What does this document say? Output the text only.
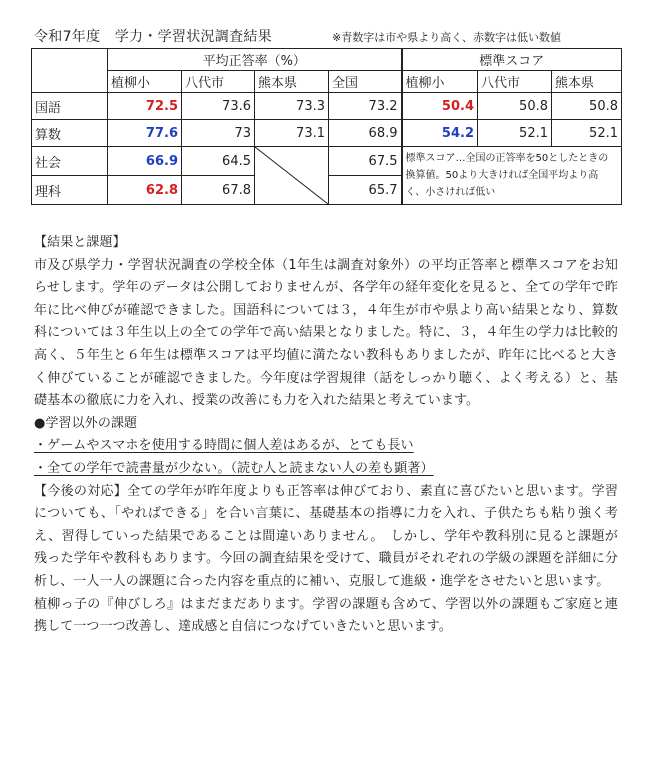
令和7年度　学力・学習状況調査結果	※青数字は市や県より高く、赤数字は低い数値
	平均正答率（%）				標準スコア		
	植柳小	八代市	熊本県	全国	植柳小	八代市	熊本県
国語	72.5	73.6	73.3	73.2	50.4	50.8	50.8
算数	77.6	73	73.1	68.9	54.2	52.1	52.1
社会	66.9	64.5		67.5	標準スコア…全国の正答率を50としたときの換算値。50より大きければ全国平均より高く、小さければ低い		
理科	62.8	67.8		65.7			

【結果と課題】

市及び県学力・学習状況調査の学校全体（1年生は調査対象外）の平均正答率と標準スコアをお知らせします。学年のデータは公開しておりませんが、各学年の経年変化を見ると、全ての学年で昨年に比べ伸びが確認できました。国語科については３，４年生が市や県より高い結果となり、算数科については３年生以上の全ての学年で高い結果となりました。特に、３，４年生の学力は比較的高く、５年生と６年生は標準スコアは平均値に満たない教科もありましたが、昨年に比べると大きく伸びていることが確認できました。今年度は学習規律（話をしっかり聴く、よく考える）と、基礎基本の徹底に力を入れ、授業の改善にも力を入れた結果と考えています。

●学習以外の課題

・ゲームやスマホを使用する時間に個人差はあるが、とても長い

・全ての学年で読書量が少ない。（読む人と読まない人の差も顕著）

【今後の対応】全ての学年が昨年度よりも正答率は伸びており、素直に喜びたいと思います。学習についても、「やればできる」を合い言葉に、基礎基本の指導に力を入れ、子供たちも粘り強く考え、習得していった結果であることは間違いありません。　しかし、学年や教科別に見ると課題が残った学年や教科もあります。今回の調査結果を受けて、職員がそれぞれの学級の課題を詳細に分析し、一人一人の課題に合った内容を重点的に補い、克服して進級・進学をさせたいと思います。

植柳っ子の『伸びしろ』はまだまだあります。学習の課題も含めて、学習以外の課題もご家庭と連携して一つ一つ改善し、達成感と自信につなげていきたいと思います。
